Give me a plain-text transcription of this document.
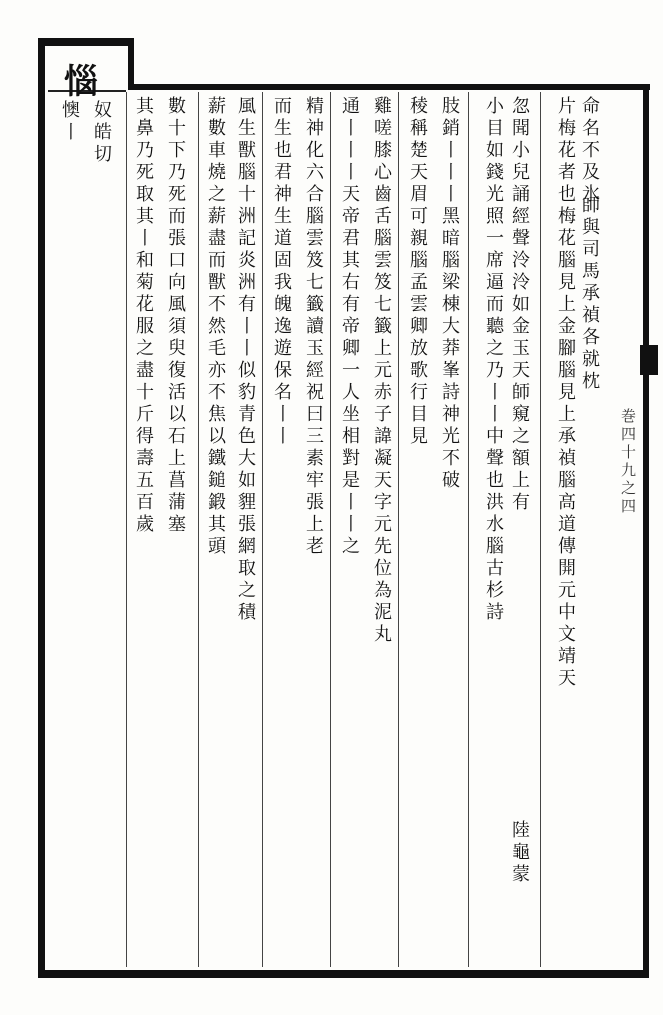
惱
巻四十九之四
命名不及氷
片梅花者也梅花腦見上金腳腦見上承禎腦高道傳開元中文靖天 師與司馬承禎各就枕
忽聞小兒誦經聲泠泠如金玉天師窺之額上有
小目如錢光照一席逼而聽之乃丨丨中聲也洪水腦古杉詩
陸龜蒙
肢銷丨丨丨黑暗腦梁棟大莽峯詩神光不破
稜稱楚天眉可親腦孟雲卿放歌行目見
雞嗟膝心齒舌腦雲笈七籤上元赤子諱凝天字元先位為泥丸
通丨丨丨天帝君其右有帝卿一人坐相對是丨丨之
精神化六合腦雲笈七籤讀玉經祝曰三素牢張上老
而生也君神生道固我魄逸遊保名丨丨
風生獸腦十洲記炎洲有丨丨似豹青色大如貍張網取之積
薪數車燒之薪盡而獸不然毛亦不焦以鐵鎚鍛其頭
數十下乃死而張口向風須臾復活以石上菖蒲塞
其鼻乃死取其丨和菊花服之盡十斤得壽五百歲
奴皓切
懊丨
